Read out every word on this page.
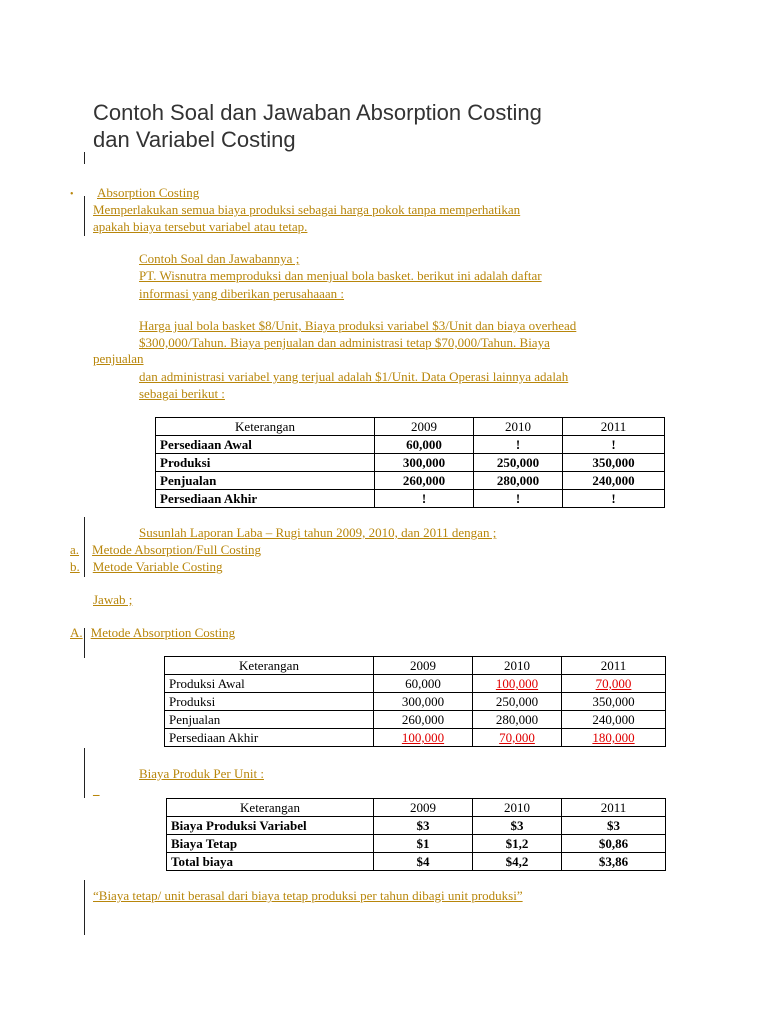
Contoh Soal dan Jawaban Absorption Costing
dan Variabel Costing
• Absorption Costing
Memperlakukan semua biaya produksi sebagai harga pokok tanpa memperhatikan
apakah biaya tersebut variabel atau tetap.
Contoh Soal dan Jawabannya ;
PT. Wisnutra memproduksi dan menjual bola basket. berikut ini adalah daftar
informasi yang diberikan perusahaaan :
Harga jual bola basket $8/Unit, Biaya produksi variabel $3/Unit dan biaya overhead
$300,000/Tahun. Biaya penjualan dan administrasi tetap $70,000/Tahun. Biaya
penjualan
dan administrasi variabel yang terjual adalah $1/Unit. Data Operasi lainnya adalah
sebagai berikut :
Keterangan	2009	2010	2011
Persediaan Awal	60,000	!	!
Produksi	300,000	250,000	350,000
Penjualan	260,000	280,000	240,000
Persediaan Akhir	!	!	!
Susunlah Laporan Laba – Rugi tahun 2009, 2010, dan 2011 dengan ;
a. Metode Absorption/Full Costing
b. Metode Variable Costing
Jawab ;
A. Metode Absorption Costing
Keterangan	2009	2010	2011
Produksi Awal	60,000	100,000	70,000
Produksi	300,000	250,000	350,000
Penjualan	260,000	280,000	240,000
Persediaan Akhir	100,000	70,000	180,000
Biaya Produk Per Unit :
_
Keterangan	2009	2010	2011
Biaya Produksi Variabel	$3	$3	$3
Biaya Tetap	$1	$1,2	$0,86
Total biaya	$4	$4,2	$3,86
“Biaya tetap/ unit berasal dari biaya tetap produksi per tahun dibagi unit produksi”
